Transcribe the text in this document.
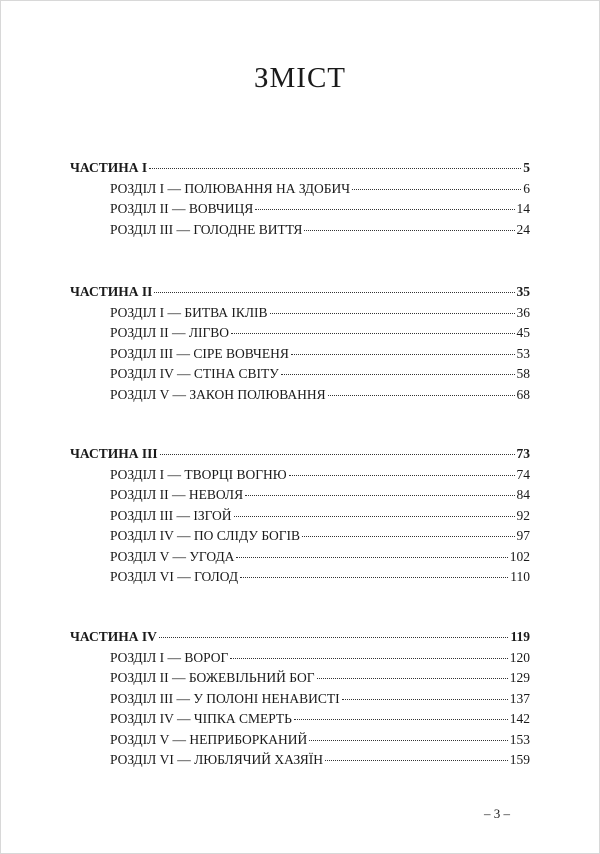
ЗМІСТ
ЧАСТИНА I	5
РОЗДІЛ I — ПОЛЮВАННЯ НА ЗДОБИЧ	6
РОЗДІЛ II — ВОВЧИЦЯ	14
РОЗДІЛ III — ГОЛОДНЕ ВИТТЯ	24
ЧАСТИНА II	35
РОЗДІЛ I — БИТВА ІКЛІВ	36
РОЗДІЛ II — ЛІГВО	45
РОЗДІЛ III — СІРЕ ВОВЧЕНЯ	53
РОЗДІЛ IV — СТІНА СВІТУ	58
РОЗДІЛ V — ЗАКОН ПОЛЮВАННЯ	68
ЧАСТИНА III	73
РОЗДІЛ I — ТВОРЦІ ВОГНЮ	74
РОЗДІЛ II — НЕВОЛЯ	84
РОЗДІЛ III — ІЗГОЙ	92
РОЗДІЛ IV — ПО СЛІДУ БОГІВ	97
РОЗДІЛ V — УГОДА	102
РОЗДІЛ VI — ГОЛОД	110
ЧАСТИНА IV	119
РОЗДІЛ I — ВОРОГ	120
РОЗДІЛ II — БОЖЕВІЛЬНИЙ БОГ	129
РОЗДІЛ III — У ПОЛОНІ НЕНАВИСТІ	137
РОЗДІЛ IV — ЧІПКА СМЕРТЬ	142
РОЗДІЛ V — НЕПРИБОРКАНИЙ	153
РОЗДІЛ VI — ЛЮБЛЯЧИЙ ХАЗЯЇН	159
– 3 –
